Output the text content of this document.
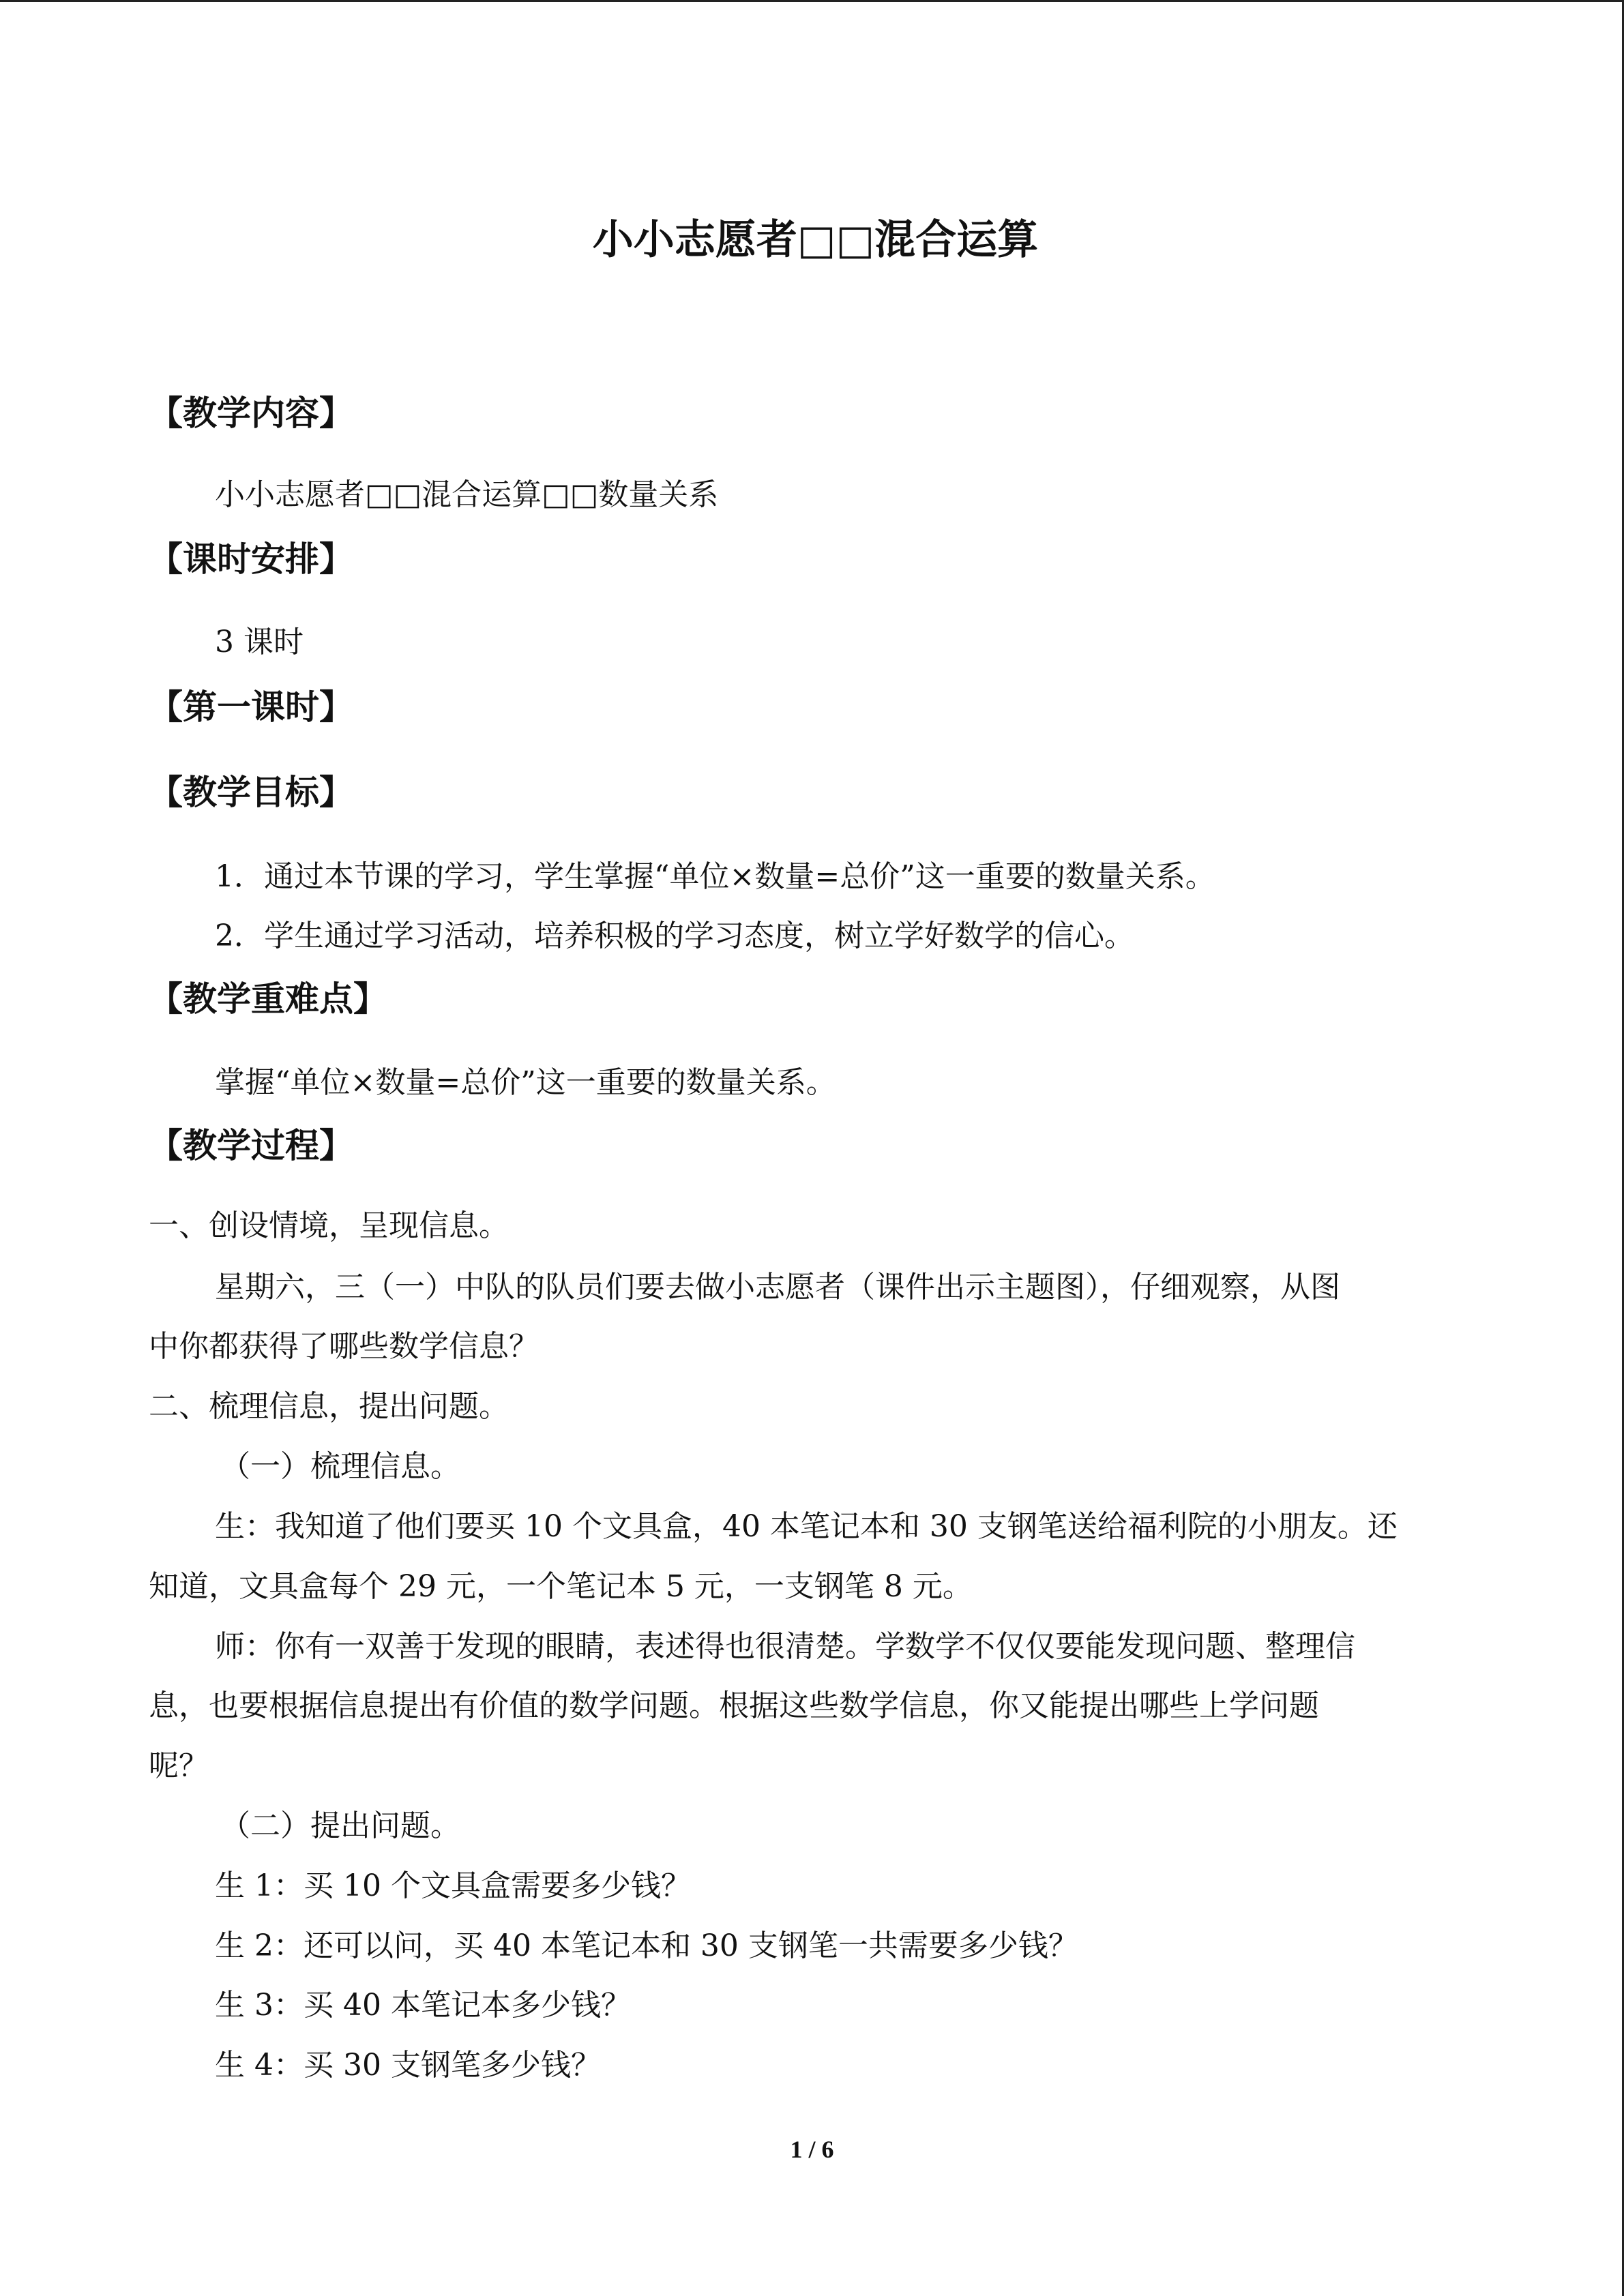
小小志愿者□□混合运算
【教学内容】
小小志愿者□□混合运算□□数量关系
【课时安排】
3 课时
【第一课时】
【教学目标】
1．通过本节课的学习，学生掌握“单位×数量=总价”这一重要的数量关系。
2．学生通过学习活动，培养积极的学习态度，树立学好数学的信心。
【教学重难点】
掌握“单位×数量=总价”这一重要的数量关系。
【教学过程】
一、创设情境，呈现信息。
星期六，三（一）中队的队员们要去做小志愿者（课件出示主题图），仔细观察，从图
中你都获得了哪些数学信息？
二、梳理信息，提出问题。
（一）梳理信息。
生：我知道了他们要买 10 个文具盒，40 本笔记本和 30 支钢笔送给福利院的小朋友。还
知道，文具盒每个 29 元，一个笔记本 5 元，一支钢笔 8 元。
师：你有一双善于发现的眼睛，表述得也很清楚。学数学不仅仅要能发现问题、整理信
息，也要根据信息提出有价值的数学问题。根据这些数学信息，你又能提出哪些上学问题
呢？
（二）提出问题。
生 1：买 10 个文具盒需要多少钱？
生 2：还可以问，买 40 本笔记本和 30 支钢笔一共需要多少钱？
生 3：买 40 本笔记本多少钱？
生 4：买 30 支钢笔多少钱？
1 / 6
